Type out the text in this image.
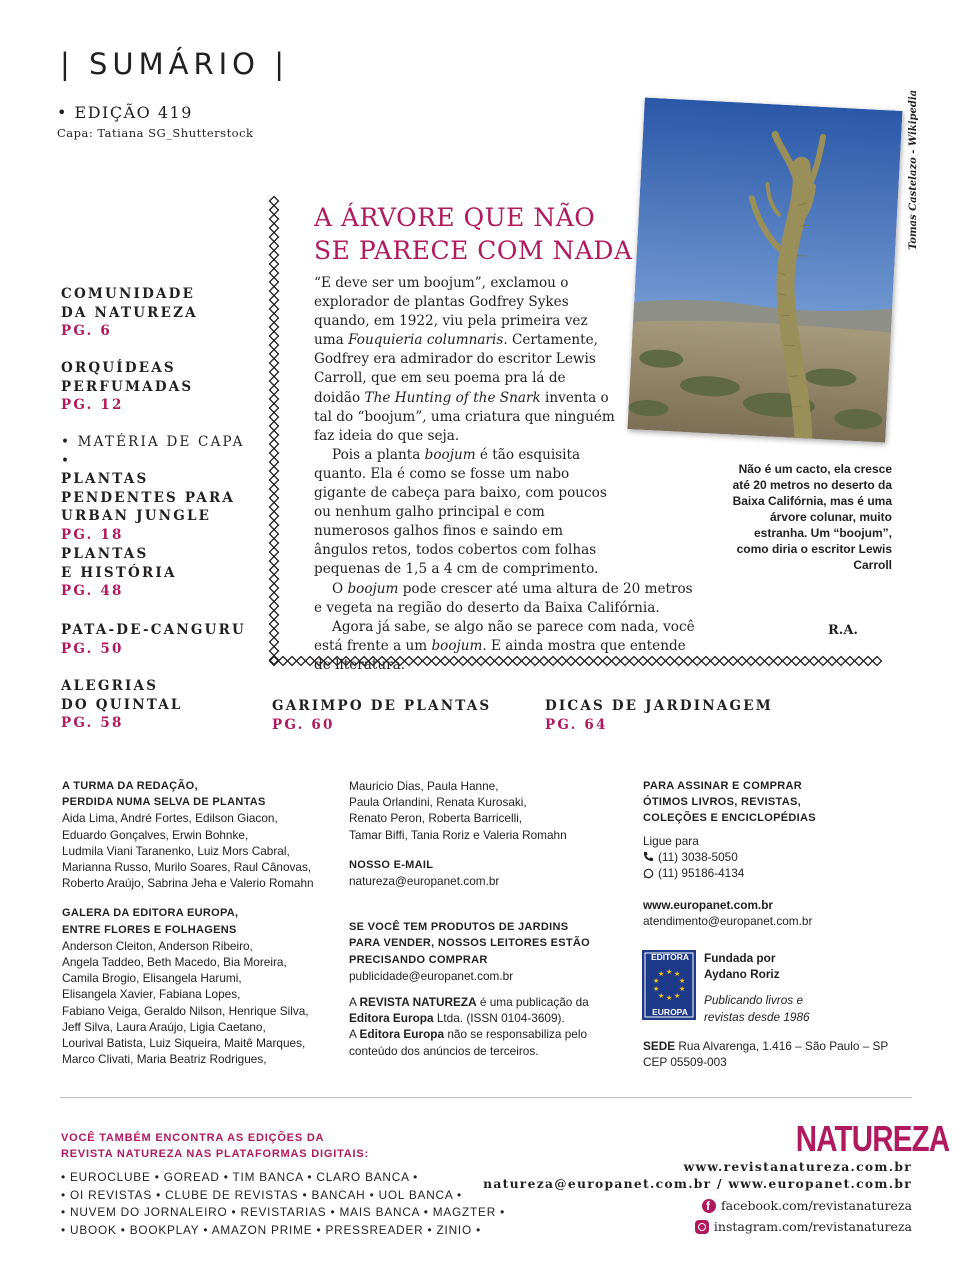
| SUMÁRIO |
• EDIÇÃO 419
Capa: Tatiana SG_Shutterstock
COMUNIDADE
DA NATUREZA
PG. 6
ORQUÍDEAS
PERFUMADAS
PG. 12
• MATÉRIA DE CAPA •
PLANTAS
PENDENTES PARA
URBAN JUNGLE
PG. 18
PLANTAS
E HISTÓRIA
PG. 48
PATA-DE-CANGURU
PG. 50
ALEGRIAS
DO QUINTAL
PG. 58
GARIMPO DE PLANTAS
PG. 60
DICAS DE JARDINAGEM
PG. 64
A ÁRVORE QUE NÃO
SE PARECE COM NADA

“E deve ser um boojum”, exclamou o explorador de plantas Godfrey Sykes quando, em 1922, viu pela primeira vez uma Fouquieria columnaris. Certamente, Godfrey era admirador do escritor Lewis Carroll, que em seu poema pra lá de doidão The Hunting of the Snark inventa o tal do “boojum”, uma criatura que ninguém faz ideia do que seja.

Pois a planta boojum é tão esquisita quanto. Ela é como se fosse um nabo gigante de cabeça para baixo, com poucos ou nenhum galho principal e com numerosos galhos finos e saindo em ângulos retos, todos cobertos com folhas pequenas de 1,5 a 4 cm de comprimento.

O boojum pode crescer até uma altura de 20 metros e vegeta na região do deserto da Baixa Califórnia.

Agora já sabe, se algo não se parece com nada, você está frente a um boojum. E ainda mostra que entende de literatura.

Tomas Castelazo - Wikipedia
Não é um cacto, ela cresce até 20 metros no deserto da Baixa Califórnia, mas é uma árvore colunar, muito estranha. Um “boojum”, como diria o escritor Lewis Carroll
R.A.

A TURMA DA REDAÇÃO,

PERDIDA NUMA SELVA DE PLANTAS

Aida Lima, André Fortes, Edilson Giacon,

Eduardo Gonçalves, Erwin Bohnke,

Ludmila Viani Taranenko, Luiz Mors Cabral,

Marianna Russo, Murilo Soares, Raul Cânovas,

Roberto Araújo, Sabrina Jeha e Valerio Romahn

GALERA DA EDITORA EUROPA,

ENTRE FLORES E FOLHAGENS

Anderson Cleiton, Anderson Ribeiro,

Angela Taddeo, Beth Macedo, Bia Moreira,

Camila Brogio, Elisangela Harumi,

Elisangela Xavier, Fabiana Lopes,

Fabiano Veiga, Geraldo Nilson, Henrique Silva,

Jeff Silva, Laura Araújo, Ligia Caetano,

Lourival Batista, Luiz Siqueira, Maitê Marques,

Marco Clivati, Maria Beatriz Rodrigues,

Mauricio Dias, Paula Hanne,

Paula Orlandini, Renata Kurosaki,

Renato Peron, Roberta Barricelli,

Tamar Biffi, Tania Roriz e Valeria Romahn

NOSSO E-MAIL

natureza@europanet.com.br

SE VOCÊ TEM PRODUTOS DE JARDINS

PARA VENDER, NOSSOS LEITORES ESTÃO

PRECISANDO COMPRAR

publicidade@europanet.com.br

A REVISTA NATUREZA é uma publicação da

Editora Europa Ltda. (ISSN 0104-3609).

A Editora Europa não se responsabiliza pelo

conteúdo dos anúncios de terceiros.

PARA ASSINAR E COMPRAR

ÓTIMOS LIVROS, REVISTAS,

COLEÇÕES E ENCICLOPÉDIAS

Ligue para

(11) 3038-5050

(11) 95186-4134

www.europanet.com.br

atendimento@europanet.com.br

★ ★
★
★
★
★
★
★
★
★
EDITORA
EUROPA

Fundada por

Aydano Roriz

Publicando livros e

revistas desde 1986

SEDE Rua Alvarenga, 1.416 – São Paulo – SP

CEP 05509-003

VOCÊ TAMBÉM ENCONTRA AS EDIÇÕES DA
REVISTA NATUREZA NAS PLATAFORMAS DIGITAIS:
• EUROCLUBE • GOREAD • TIM BANCA • CLARO BANCA •
• OI REVISTAS • CLUBE DE REVISTAS • BANCAH • UOL BANCA •
• NUVEM DO JORNALEIRO • REVISTARIAS • MAIS BANCA • MAGZTER •
• UBOOK • BOOKPLAY • AMAZON PRIME • PRESSREADER • ZINIO •
NATUREZA
www.revistanatureza.com.br
natureza@europanet.com.br / www.europanet.com.br
f
facebook.com/revistanatureza
instagram.com/revistanatureza
